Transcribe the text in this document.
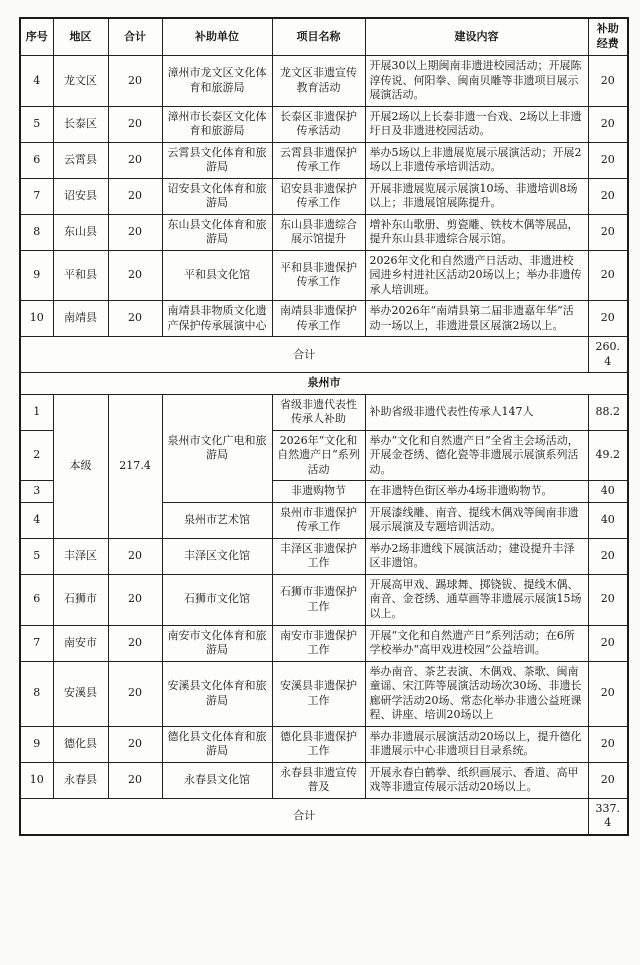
序号	地区	合计	补助单位	项目名称	建设内容	补助经费
4	龙文区	20	漳州市龙文区文化体育和旅游局	龙文区非遗宣传教育活动	开展30以上期闽南非遗进校园活动；开展陈淳传说、何阳拳、闽南贝雕等非遗项目展示展演活动。	20
5	长泰区	20	漳州市长泰区文化体育和旅游局	长泰区非遗保护传承活动	开展2场以上长泰非遗一台戏、2场以上非遗圩日及非遗进校园活动。	20
6	云霄县	20	云霄县文化体育和旅游局	云霄县非遗保护传承工作	举办5场以上非遗展览展示展演活动；开展2场以上非遗传承培训活动。	20
7	诏安县	20	诏安县文化体育和旅游局	诏安县非遗保护传承工作	开展非遗展览展示展演10场、非遗培训8场以上；非遗展馆展陈提升。	20
8	东山县	20	东山县文化体育和旅游局	东山县非遗综合展示馆提升	增补东山歌册、剪瓷雕、铁枝木偶等展品，提升东山县非遗综合展示馆。	20
9	平和县	20	平和县文化馆	平和县非遗保护传承工作	2026年文化和自然遗产日活动、非遗进校园进乡村进社区活动20场以上；举办非遗传承人培训班。	20
10	南靖县	20	南靖县非物质文化遗产保护传承展演中心	南靖县非遗保护传承工作	举办2026年“南靖县第二届非遗嘉年华”活动一场以上，非遗进景区展演2场以上。	20
合计						260.4
泉州市						
1	本级	217.4	泉州市文化广电和旅游局	省级非遗代表性传承人补助	补助省级非遗代表性传承人147人	88.2
2				2026年“文化和自然遗产日”系列活动	举办“文化和自然遗产日”全省主会场活动，开展金苍绣、德化瓷等非遗展示展演系列活动。	49.2
3				非遗购物节	在非遗特色街区举办4场非遗购物节。	40
4			泉州市艺术馆	泉州市非遗保护传承工作	开展漆线雕、南音、提线木偶戏等闽南非遗展示展演及专题培训活动。	40
5	丰泽区	20	丰泽区文化馆	丰泽区非遗保护工作	举办2场非遗线下展演活动；建设提升丰泽区非遗馆。	20
6	石狮市	20	石狮市文化馆	石狮市非遗保护工作	开展高甲戏、踢球舞、掷铙钹、提线木偶、南音、金苍绣、通草画等非遗展示展演15场以上。	20
7	南安市	20	南安市文化体育和旅游局	南安市非遗保护工作	开展“文化和自然遗产日”系列活动；在6所学校举办“高甲戏进校园”公益培训。	20
8	安溪县	20	安溪县文化体育和旅游局	安溪县非遗保护工作	举办南音、茶艺表演、木偶戏、茶歌、闽南童谣、宋江阵等展演活动场次30场、非遗长廊研学活动20场、常态化举办非遗公益班课程、讲座、培训20场以上	20
9	德化县	20	德化县文化体育和旅游局	德化县非遗保护工作	举办非遗展示展演活动20场以上，提升德化非遗展示中心非遗项目目录系统。	20
10	永春县	20	永春县文化馆	永春县非遗宣传普及	开展永春白鹤拳、纸织画展示、香道、高甲戏等非遗宣传展示活动20场以上。	20
合计						337.4
